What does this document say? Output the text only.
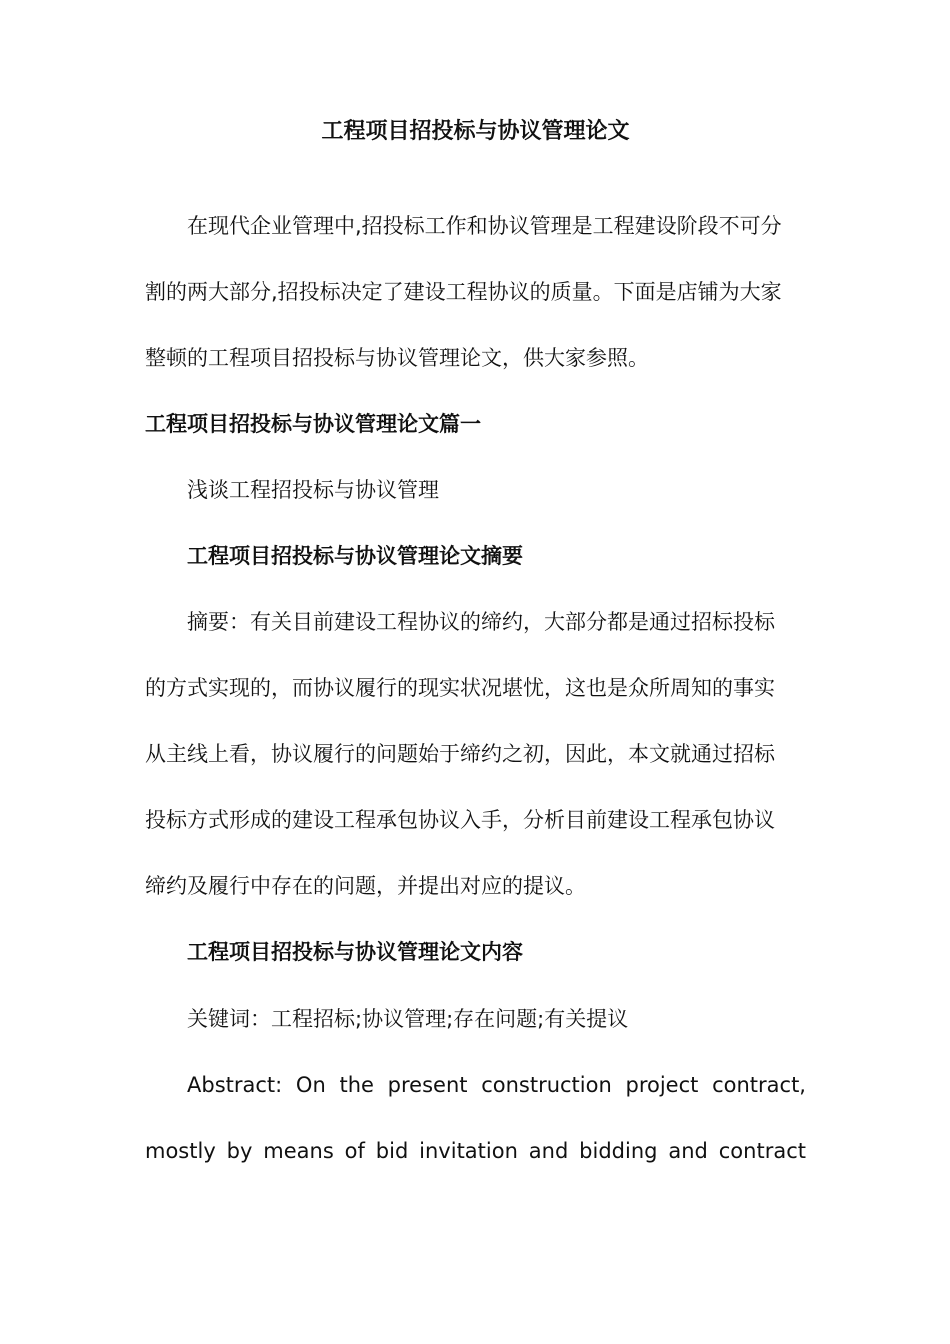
工程项目招投标与协议管理论文

在现代企业管理中,招投标工作和协议管理是工程建设阶段不可分

割的两大部分,招投标决定了建设工程协议的质量。下面是店铺为大家

整顿的工程项目招投标与协议管理论文，供大家参照。

工程项目招投标与协议管理论文篇一

浅谈工程招投标与协议管理

工程项目招投标与协议管理论文摘要

摘要：有关目前建设工程协议的缔约，大部分都是通过招标投标

的方式实现的，而协议履行的现实状况堪忧，这也是众所周知的事实

从主线上看，协议履行的问题始于缔约之初，因此，本文就通过招标

投标方式形成的建设工程承包协议入手，分析目前建设工程承包协议

缔约及履行中存在的问题，并提出对应的提议。

工程项目招投标与协议管理论文内容

关键词：工程招标;协议管理;存在问题;有关提议

Abstract: On the present construction project contract,
mostly by means of bid invitation and bidding and contract
